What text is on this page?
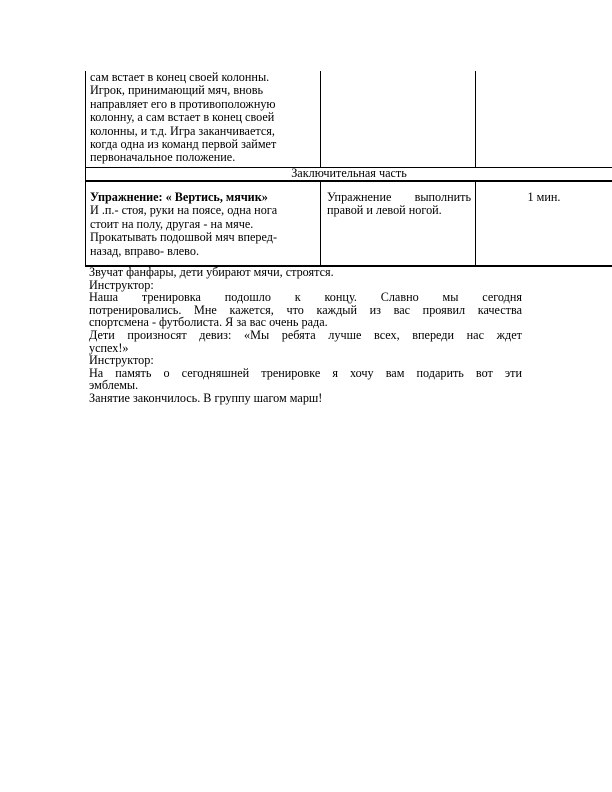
сам встает в конец своей колонны.

Игрок, принимающий мяч, вновь

направляет его в противоположную

колонну, а сам встает в конец своей

колонны, и т.д. Игра заканчивается,

когда одна из команд первой займет

первоначальное положение.

Заключительная часть

Упражнение: « Вертись, мячик»

И .п.- стоя, руки на поясе, одна нога

стоит на полу, другая - на мяче.

Прокатывать подошвой мяч вперед-

назад, вправо- влево.

Упражнение выполнить

правой и левой ногой.

1 мин.

Звучат фанфары, дети убирают мячи, строятся.

Инструктор:

Наша тренировка подошло к концу. Славно мы сегодня

потренировались. Мне кажется, что каждый из вас проявил качества

спортсмена - футболиста. Я за вас очень рада.

Дети произносят девиз: «Мы ребята лучше всех, впереди нас ждет

успех!»

Инструктор:

На память о сегодняшней тренировке я хочу вам подарить вот эти

эмблемы.

Занятие закончилось. В группу шагом марш!
